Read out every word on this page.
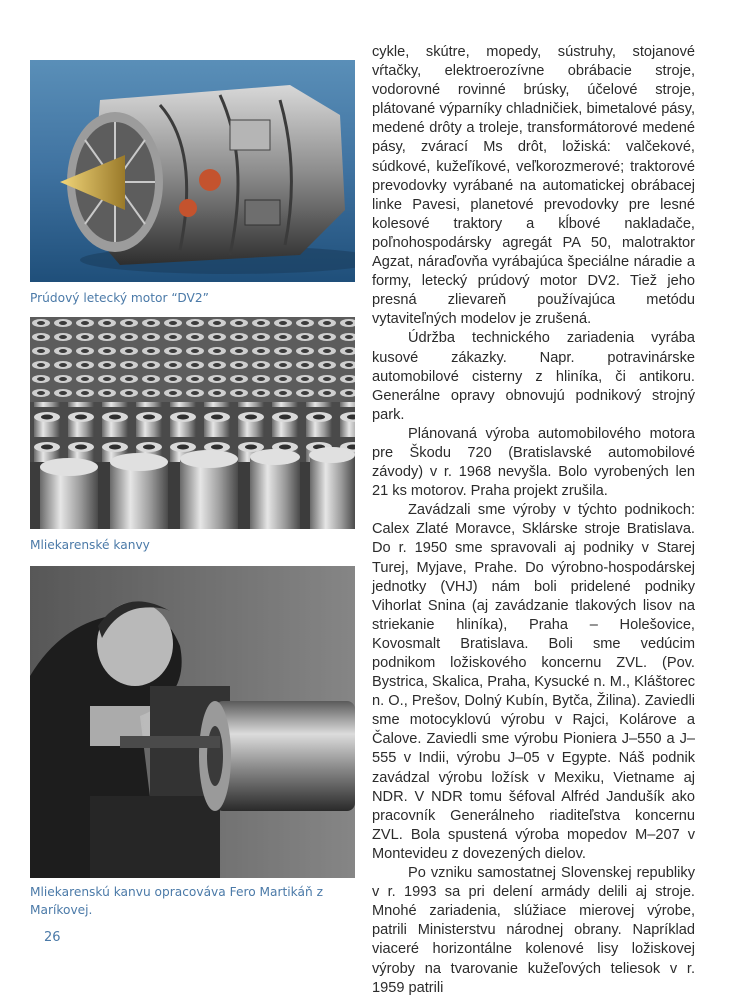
Prúdový letecký motor “DV2”
Mliekarenské kanvy
Mliekarenskú kanvu opracováva Fero Martikáň z Maríkovej.

cykle, skútre, mopedy, sústruhy, stojanové vŕtačky, elektroerozívne obrábacie stroje, vodorovné rovinné brúsky, účelové stroje, plátované výparníky chladničiek, bimetalové pásy, medené drôty a troleje, transformátorové medené pásy, zvárací Ms drôt, ložiská: valčekové, súdkové, kužeľíkové, veľkorozmerové; traktorové prevodovky vyrábané na automatickej obrábacej linke Pavesi, planetové prevodovky pre lesné kolesové traktory a kĺbové nakladače, poľnohospodársky agregát PA 50, malotraktor Agzat, náraďovňa vyrábajúca špeciálne náradie a formy, letecký prúdový motor DV2. Tiež jeho presná zlievareň používajúca metódu vytaviteľných modelov je zrušená.

Údržba technického zariadenia vyrába kusové zákazky. Napr. potravinárske automobilové cisterny z hliníka, či antikoru. Generálne opravy obnovujú podnikový strojný park.

Plánovaná výroba automobilového motora pre Škodu 720 (Bratislavské automobilové závody) v r. 1968 nevyšla. Bolo vyrobených len 21 ks motorov. Praha projekt zrušila.

Zavádzali sme výroby v týchto podnikoch: Calex Zlaté Moravce, Sklárske stroje Bratislava. Do r. 1950 sme spravovali aj podniky v Starej Turej, Myjave, Prahe. Do výrobno-hospodárskej jednotky (VHJ) nám boli pridelené podniky Vihorlat Snina (aj zavádzanie tlakových lisov na striekanie hliníka), Praha – Holešovice, Kovosmalt Bratislava. Boli sme vedúcim podnikom ložiskového koncernu ZVL. (Pov. Bystrica, Skalica, Praha, Kysucké n. M., Kláštorec n. O., Prešov, Dolný Kubín, Bytča, Žilina). Zaviedli sme motocyklovú výrobu v Rajci, Kolárove a Čalove. Zaviedli sme výrobu Pioniera J–550 a J–555 v Indii, výrobu J–05 v Egypte. Náš podnik zavádzal výrobu ložísk v Mexiku, Vietname aj NDR. V NDR tomu šéfoval Alfréd Jandušík ako pracovník Generálneho riaditeľstva koncernu ZVL. Bola spustená výroba mopedov M–207 v Montevideu z dovezených dielov.

Po vzniku samostatnej Slovenskej republiky v r. 1993 sa pri delení armády delili aj stroje. Mnohé zariadenia, slúžiace mierovej výrobe, patrili Ministerstvu národnej obrany. Napríklad viaceré horizontálne kolenové lisy ložiskovej výroby na tvarovanie kužeľových teliesok v r. 1959 patrili

26
